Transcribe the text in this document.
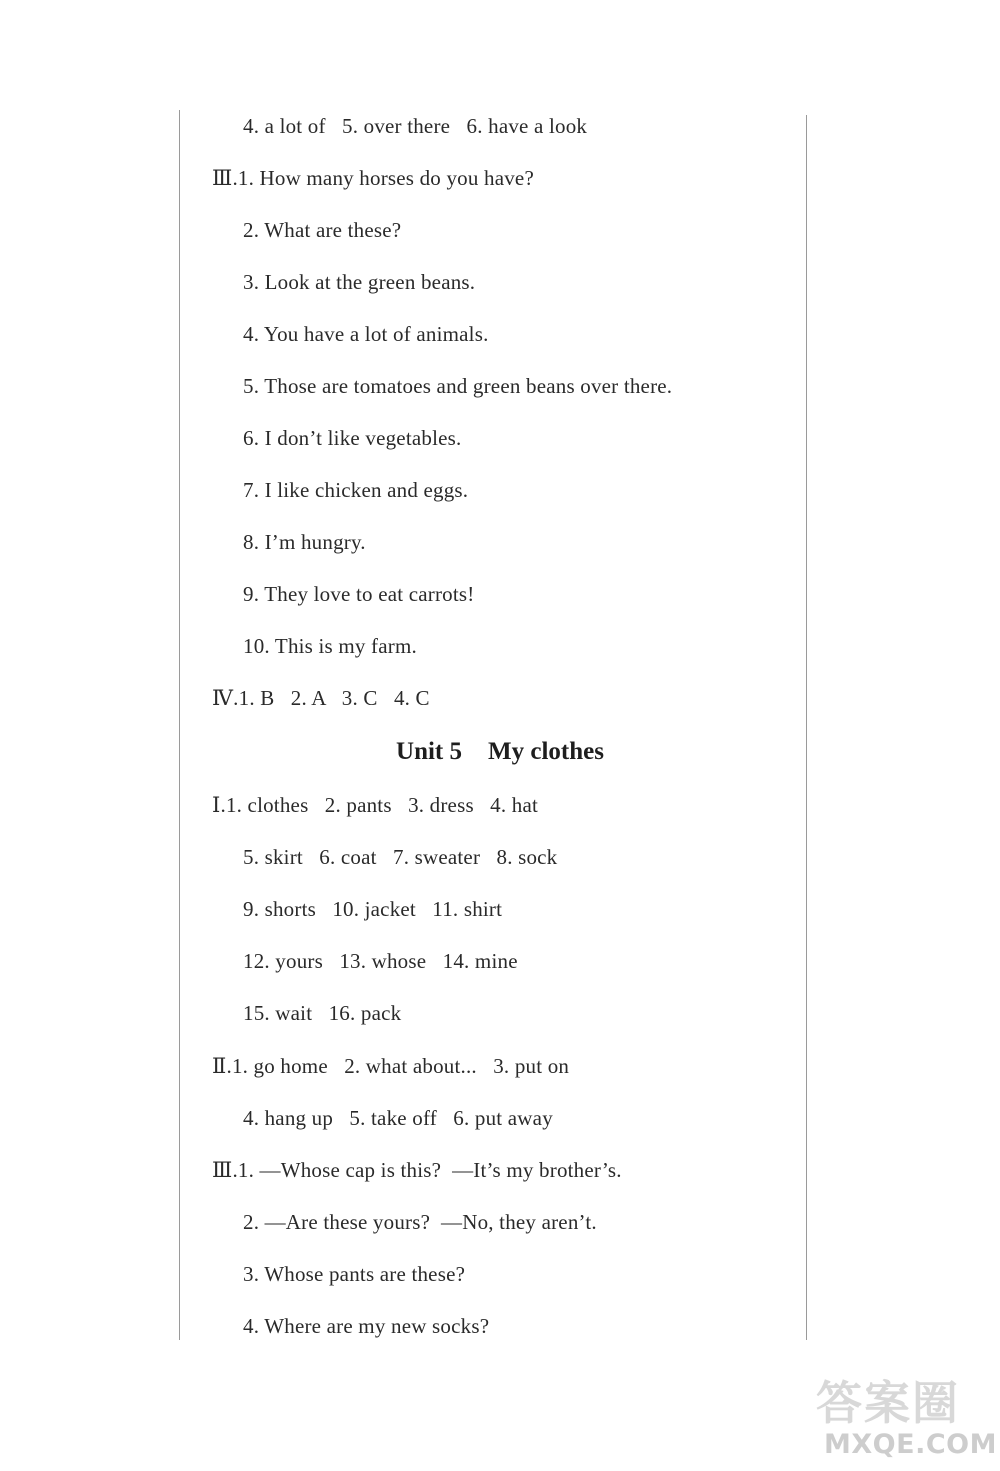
4. a lot of   5. over there   6. have a look
Ⅲ.1. How many horses do you have?
2. What are these?
3. Look at the green beans.
4. You have a lot of animals.
5. Those are tomatoes and green beans over there.
6. I don’t like vegetables.
7. I like chicken and eggs.
8. I’m hungry.
9. They love to eat carrots!
10. This is my farm.
Ⅳ.1. B   2. A   3. C   4. C
Unit 5 My clothes
Ⅰ.1. clothes   2. pants   3. dress   4. hat
5. skirt   6. coat   7. sweater   8. sock
9. shorts   10. jacket   11. shirt
12. yours   13. whose   14. mine
15. wait   16. pack
Ⅱ.1. go home   2. what about...   3. put on
4. hang up   5. take off   6. put away
Ⅲ.1. —Whose cap is this?  —It’s my brother’s.
2. —Are these yours?  —No, they aren’t.
3. Whose pants are these?
4. Where are my new socks?
答案圈
MXQE.COM
